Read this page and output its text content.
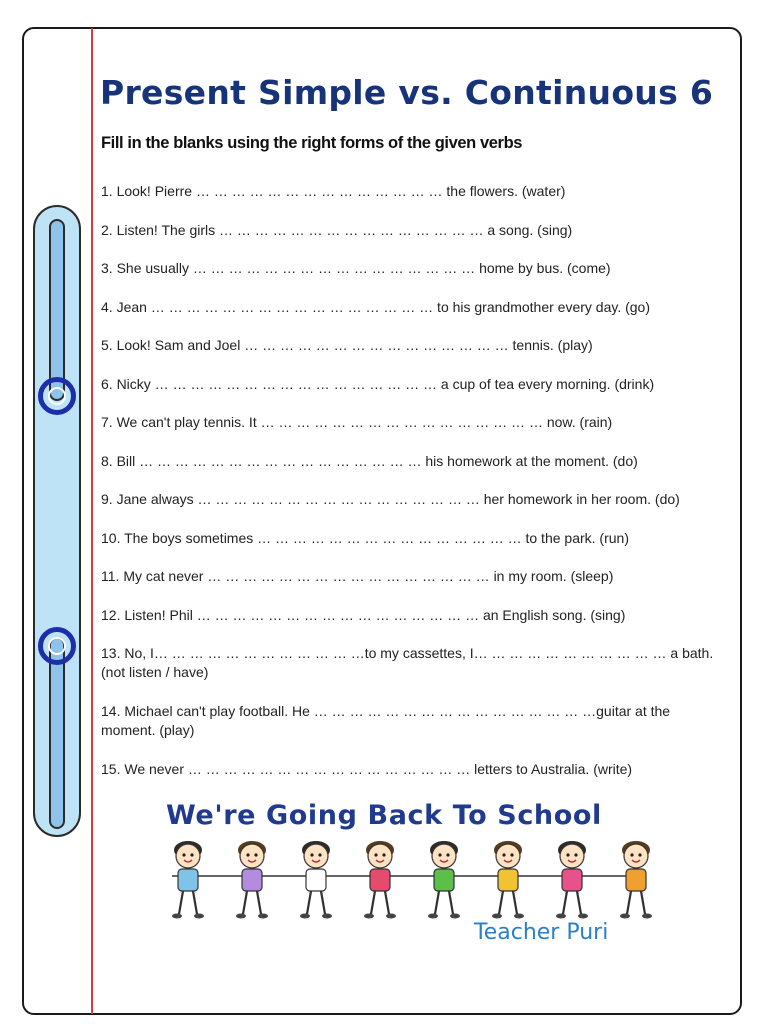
Present Simple vs. Continuous 6

Fill in the blanks using the right forms of the given verbs

1. Look! Pierre … … … … … … … … … … … … … … the flowers. (water)
2. Listen! The girls … … … … … … … … … … … … … … … a song. (sing)
3. She usually … … … … … … … … … … … … … … … … home by bus. (come)
4. Jean … … … … … … … … … … … … … … … … to his grandmother every day. (go)
5. Look! Sam and Joel … … … … … … … … … … … … … … … tennis. (play)
6. Nicky … … … … … … … … … … … … … … … … a cup of tea every morning. (drink)
7. We can't play tennis. It … … … … … … … … … … … … … … … … now. (rain)
8. Bill … … … … … … … … … … … … … … … … his homework at the moment. (do)
9. Jane always … … … … … … … … … … … … … … … … her homework in her room. (do)
10. The boys sometimes … … … … … … … … … … … … … … … to the park. (run)
11. My cat never … … … … … … … … … … … … … … … … in my room. (sleep)
12. Listen! Phil … … … … … … … … … … … … … … … … an English song. (sing)
13. No, I… … … … … … … … … … … …to my cassettes, I… … … … … … … … … … … a bath. (not listen / have)
14. Michael can't play football. He … … … … … … … … … … … … … … … …guitar at the moment. (play)
15. We never … … … … … … … … … … … … … … … … letters to Australia. (write)
We're Going Back To School

Teacher Puri
